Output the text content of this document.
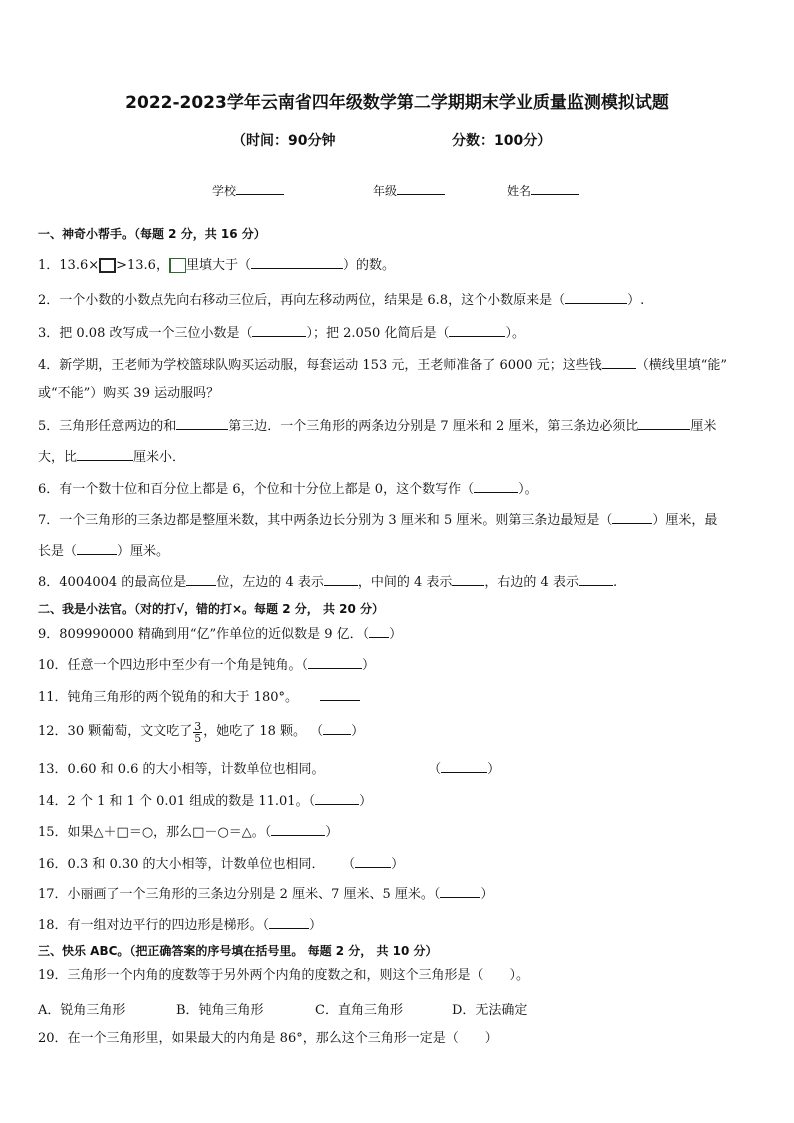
2022-2023学年云南省四年级数学第二学期期末学业质量监测模拟试题
（时间：90分钟	分数：100分）
学校	年级	姓名
一、神奇小帮手。（每题 2 分，共 16 分）
1．13.6× >13.6， 里填大于（	）的数。
2．一个小数的小数点先向右移动三位后，再向左移动两位，结果是 6.8，这个小数原来是（	）.
3．把 0.08 改写成一个三位小数是（	）；把 2.050 化简后是（	）。
4．新学期，王老师为学校篮球队购买运动服，每套运动 153 元，王老师准备了 6000 元；这些钱	（横线里填“能”
或“不能”）购买 39 运动服吗？
5．三角形任意两边的和	第三边．一个三角形的两条边分别是 7 厘米和 2 厘米，第三条边必须比	厘米
大，比	厘米小．
6．有一个数十位和百分位上都是 6，个位和十分位上都是 0，这个数写作（	）。
7．一个三角形的三条边都是整厘米数，其中两条边长分别为 3 厘米和 5 厘米。则第三条边最短是（	）厘米，最
长是（	）厘米。
8．4004004 的最高位是 位，左边的 4 表示	，中间的 4 表示 ，右边的 4 表示	.
二、我是小法官。（对的打√，错的打×。每题 2 分， 共 20 分）
9．809990000 精确到用“亿”作单位的近似数是 9 亿．（ ）
10．任意一个四边形中至少有一个角是钝角。（	）
11．钝角三角形的两个锐角的和大于 180°。
12．30 颗葡萄，文文吃了 $\frac{3}{5}$ ，她吃了 18 颗。 （ ）
13．0.60 和 0.6 的大小相等，计数单位也相同。	（	）
14．2 个 1 和 1 个 0.01 组成的数是 11.01。（	）
15．如果△＋□＝○，那么□－○＝△。（	）
16．0.3 和 0.30 的大小相等，计数单位也相同． （	）
17．小丽画了一个三角形的三条边分别是 2 厘米、7 厘米、5 厘米。（	）
18．有一组对边平行的四边形是梯形。（	）
三、快乐 ABC。（把正确答案的序号填在括号里。 每题 2 分， 共 10 分）
19．三角形一个内角的度数等于另外两个内角的度数之和，则这个三角形是（　　）。
A．锐角三角形	B．钝角三角形	C．直角三角形	D．无法确定
20．在一个三角形里，如果最大的内角是 86°，那么这个三角形一定是（　　）
